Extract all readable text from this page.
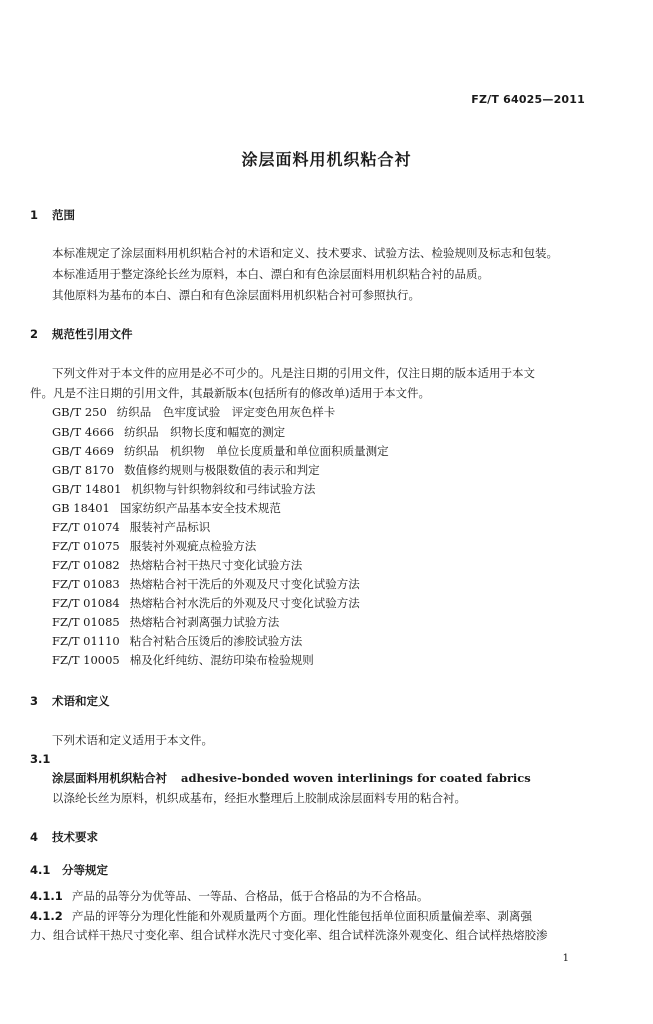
FZ/T 64025—2011
涂层面料用机织粘合衬
1 范围
本标准规定了涂层面料用机织粘合衬的术语和定义、技术要求、试验方法、检验规则及标志和包装。
本标准适用于整定涤纶长丝为原料，本白、漂白和有色涂层面料用机织粘合衬的品质。
其他原料为基布的本白、漂白和有色涂层面料用机织粘合衬可参照执行。
2 规范性引用文件
下列文件对于本文件的应用是必不可少的。凡是注日期的引用文件，仅注日期的版本适用于本文
件。凡是不注日期的引用文件，其最新版本(包括所有的修改单)适用于本文件。
GB/T 250 纺织品　色牢度试验　评定变色用灰色样卡
GB/T 4666 纺织品　织物长度和幅宽的测定
GB/T 4669 纺织品　机织物　单位长度质量和单位面积质量测定
GB/T 8170 数值修约规则与极限数值的表示和判定
GB/T 14801 机织物与针织物斜纹和弓纬试验方法
GB 18401 国家纺织产品基本安全技术规范
FZ/T 01074 服装衬产品标识
FZ/T 01075 服装衬外观疵点检验方法
FZ/T 01082 热熔粘合衬干热尺寸变化试验方法
FZ/T 01083 热熔粘合衬干洗后的外观及尺寸变化试验方法
FZ/T 01084 热熔粘合衬水洗后的外观及尺寸变化试验方法
FZ/T 01085 热熔粘合衬剥离强力试验方法
FZ/T 01110 粘合衬粘合压烫后的渗胶试验方法
FZ/T 10005 棉及化纤纯纺、混纺印染布检验规则
3 术语和定义
下列术语和定义适用于本文件。
3.1
涂层面料用机织粘合衬 adhesive-bonded woven interlinings for coated fabrics
以涤纶长丝为原料，机织成基布，经拒水整理后上胶制成涂层面料专用的粘合衬。
4 技术要求
4.1 分等规定
4.1.1 产品的品等分为优等品、一等品、合格品，低于合格品的为不合格品。
4.1.2 产品的评等分为理化性能和外观质量两个方面。理化性能包括单位面积质量偏差率、剥离强
力、组合试样干热尺寸变化率、组合试样水洗尺寸变化率、组合试样洗涤外观变化、组合试样热熔胶渗
1
